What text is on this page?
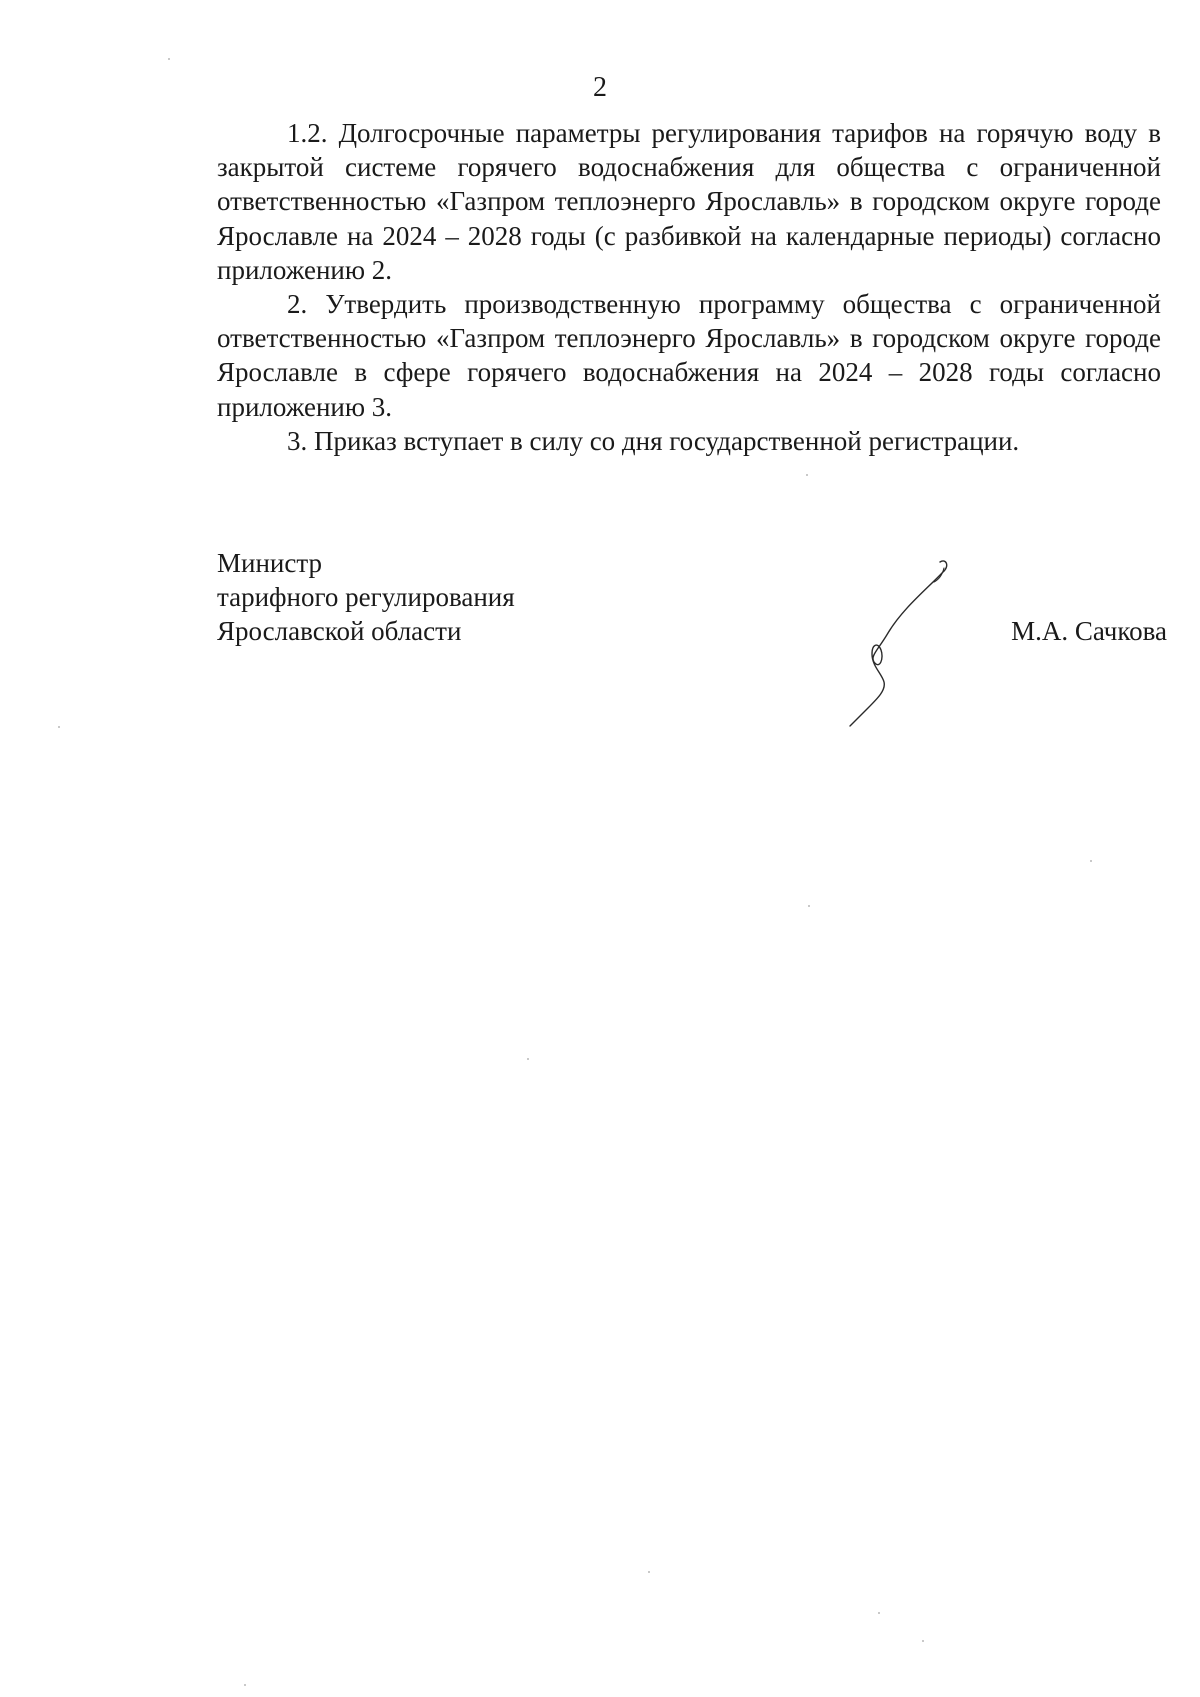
2

1.2. Долгосрочные параметры регулирования тарифов на горячую воду в закрытой системе горячего водоснабжения для общества с ограниченной ответственностью «Газпром теплоэнерго Ярославль» в городском округе городе Ярославле на 2024 – 2028 годы (с разбивкой на календарные периоды) согласно приложению 2.

2. Утвердить производственную программу общества с ограниченной ответственностью «Газпром теплоэнерго Ярославль» в городском округе городе Ярославле в сфере горячего водоснабжения на 2024 – 2028 годы согласно приложению 3.

3. Приказ вступает в силу со дня государственной регистрации.

Министр
тарифного регулирования
Ярославской области	М.А. Сачкова
